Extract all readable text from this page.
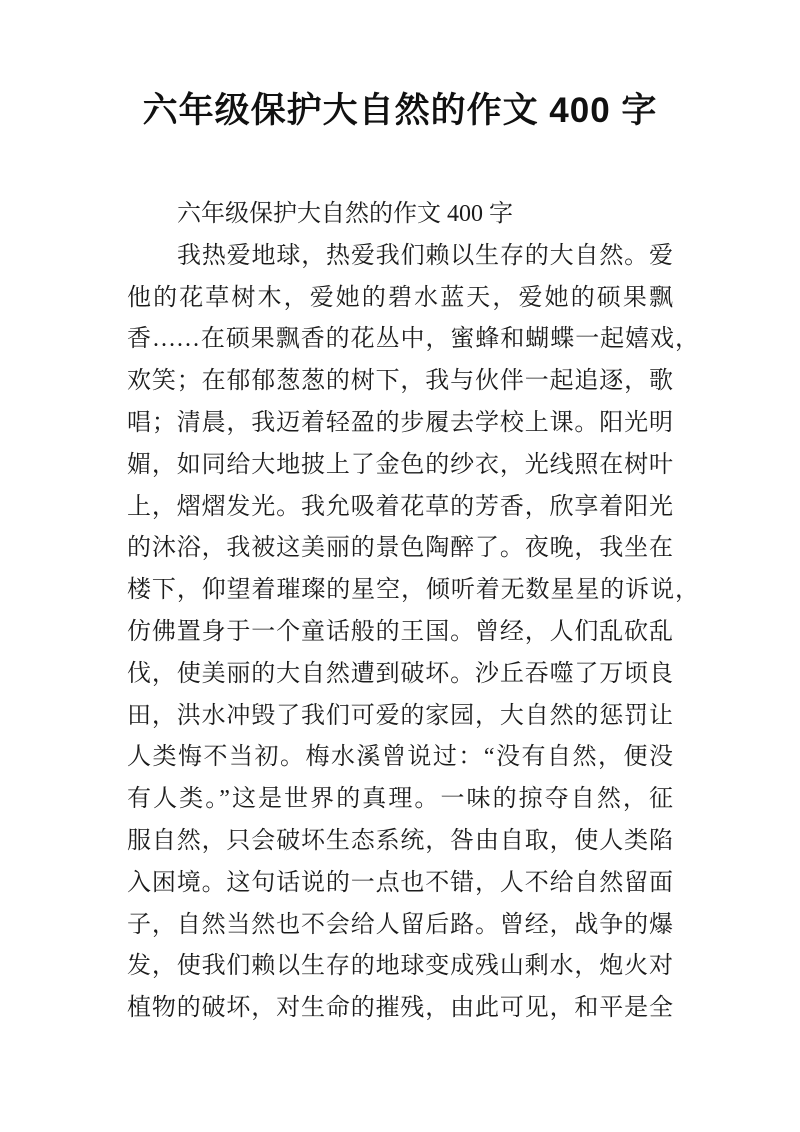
六年级保护大自然的作文 400 字
六年级保护大自然的作文 400 字
我热爱地球，热爱我们赖以生存的大自然。爱
他的花草树木，爱她的碧水蓝天，爱她的硕果飘
香……在硕果飘香的花丛中，蜜蜂和蝴蝶一起嬉戏，
欢笑；在郁郁葱葱的树下，我与伙伴一起追逐，歌
唱；清晨，我迈着轻盈的步履去学校上课。阳光明
媚，如同给大地披上了金色的纱衣，光线照在树叶
上，熠熠发光。我允吸着花草的芳香，欣享着阳光
的沐浴，我被这美丽的景色陶醉了。夜晚，我坐在
楼下，仰望着璀璨的星空，倾听着无数星星的诉说，
仿佛置身于一个童话般的王国。曾经，人们乱砍乱
伐，使美丽的大自然遭到破坏。沙丘吞噬了万顷良
田，洪水冲毁了我们可爱的家园，大自然的惩罚让
人类悔不当初。梅水溪曾说过：“没有自然，便没
有人类。”这是世界的真理。一味的掠夺自然，征
服自然，只会破坏生态系统，咎由自取，使人类陷
入困境。这句话说的一点也不错，人不给自然留面
子，自然当然也不会给人留后路。曾经，战争的爆
发，使我们赖以生存的地球变成残山剩水，炮火对
植物的破坏，对生命的摧残，由此可见，和平是全
